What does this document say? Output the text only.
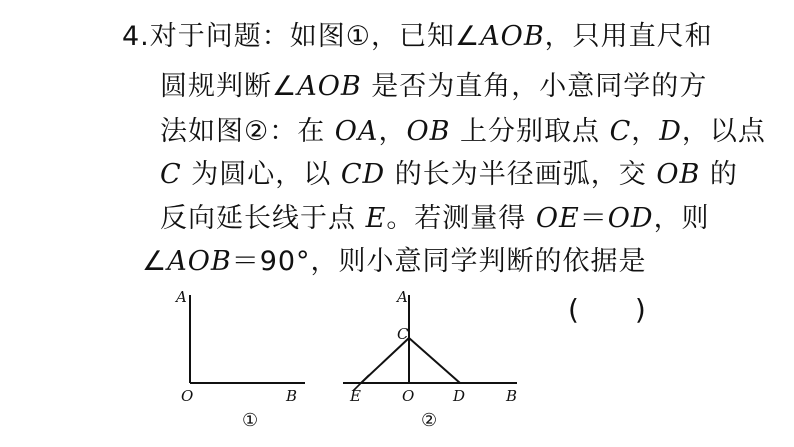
4.对于问题：如图①，已知∠AOB，只用直尺和
圆规判断∠AOB 是否为直角，小意同学的方
法如图②：在 OA，OB 上分别取点 C，D，以点
C 为圆心，以 CD 的长为半径画弧，交 OB 的
反向延长线于点 E。若测量得 OE＝OD，则
∠AOB＝90°，则小意同学判断的依据是
(　　)
A
O	B
①
A
C
E	O	D	B
②
